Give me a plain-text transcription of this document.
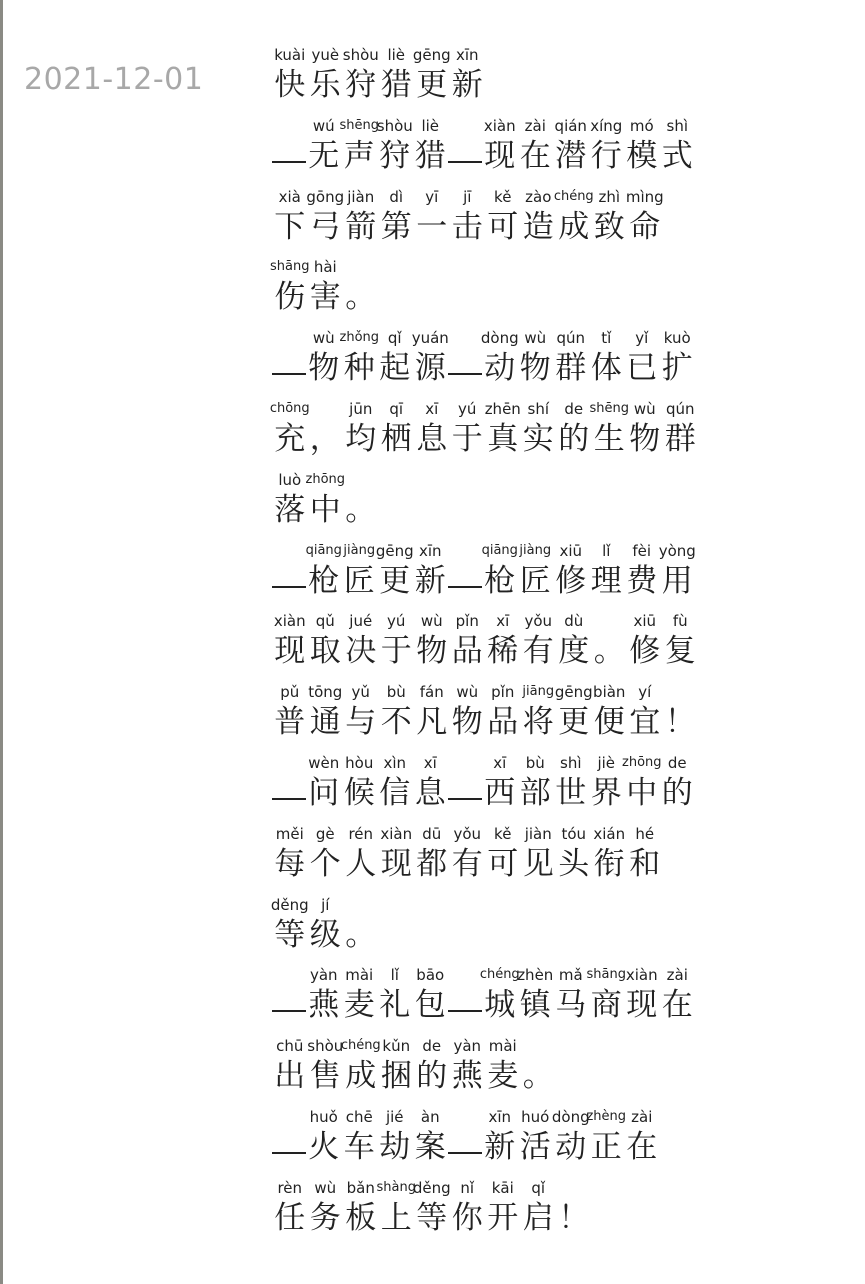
2021-12-01
kuài
快
yuè
乐
shòu
狩
liè
猎
gēng
更
xīn
新
wú
无
shēng
声
shòu
狩
liè
猎
xiàn
现
zài
在
qián
潜
xíng
行
mó
模
shì
式
xià
下
gōng
弓
jiàn
箭
dì
第
yī
一
jī
击
kě
可
zào
造
chéng
成
zhì
致
mìng
命
shāng
伤
hài
害 。
wù
物
zhǒng
种
qǐ
起
yuán
源
dòng
动
wù
物
qún
群
tǐ
体
yǐ
已
kuò
扩
chōng
充 ，
jūn
均
qī
栖
xī
息
yú
于
zhēn
真
shí
实
de
的
shēng
生
wù
物
qún
群
luò
落
zhōng
中 。
qiāng
枪
jiàng
匠
gēng
更
xīn
新
qiāng
枪
jiàng
匠
xiū
修
lǐ
理
fèi
费
yòng
用
xiàn
现
qǔ
取
jué
决
yú
于
wù
物
pǐn
品
xī
稀
yǒu
有
dù
度 。
xiū
修
fù
复
pǔ
普
tōng
通
yǔ
与
bù
不
fán
凡
wù
物
pǐn
品
jiāng
将
gēng
更
biàn
便
yí
宜 ！
wèn
问
hòu
候
xìn
信
xī
息
xī
西
bù
部
shì
世
jiè
界
zhōng
中
de
的
měi
每
gè
个
rén
人
xiàn
现
dū
都
yǒu
有
kě
可
jiàn
见
tóu
头
xián
衔
hé
和
děng
等
jí
级 。
yàn
燕
mài
麦
lǐ
礼
bāo
包
chéng
城
zhèn
镇
mǎ
马
shāng
商
xiàn
现
zài
在
chū
出
shòu
售
chéng
成
kǔn
捆
de
的
yàn
燕
mài
麦 。
huǒ
火
chē
车
jié
劫
àn
案
xīn
新
huó
活
dòng
动
zhèng
正
zài
在
rèn
任
wù
务
bǎn
板
shàng
上
děng
等
nǐ
你
kāi
开
qǐ
启 ！
